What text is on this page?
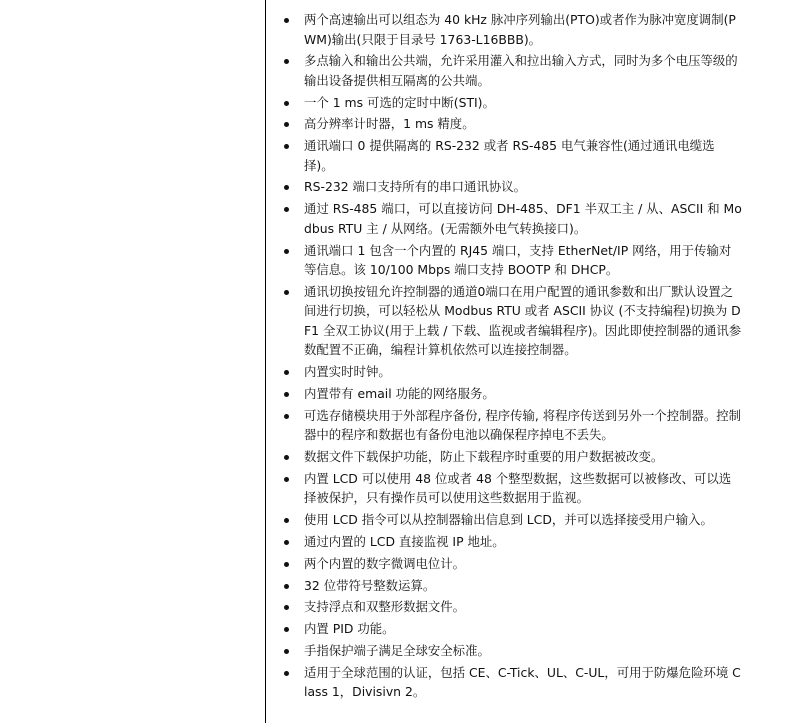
两个高速输出可以组态为 40 kHz 脉冲序列输出(PTO)或者作为脉冲宽度调制(PWM)输出(只限于目录号 1763-L16BBB)。
多点输入和输出公共端，允许采用灌入和拉出输入方式，同时为多个电压等级的输出设备提供相互隔离的公共端。
一个 1 ms 可选的定时中断(STI)。
高分辨率计时器，1 ms 精度。
通讯端口 0 提供隔离的 RS-232 或者 RS-485 电气兼容性(通过通讯电缆选择)。
RS-232 端口支持所有的串口通讯协议。
通过 RS-485 端口，可以直接访问 DH-485、DF1 半双工主 / 从、ASCII 和 Modbus RTU 主 / 从网络。(无需额外电气转换接口)。
通讯端口 1 包含一个内置的 RJ45 端口，支持 EtherNet/IP 网络，用于传输对等信息。该 10/100 Mbps 端口支持 BOOTP 和 DHCP。
通讯切换按钮允许控制器的通道0端口在用户配置的通讯参数和出厂默认设置之间进行切换，可以轻松从 Modbus RTU 或者 ASCII 协议 (不支持编程)切换为 DF1 全双工协议(用于上载 / 下载、监视或者编辑程序)。因此即使控制器的通讯参数配置不正确，编程计算机依然可以连接控制器。
内置实时时钟。
内置带有 email 功能的网络服务。
可选存储模块用于外部程序备份, 程序传输, 将程序传送到另外一个控制器。控制器中的程序和数据也有备份电池以确保程序掉电不丢失。
数据文件下载保护功能，防止下载程序时重要的用户数据被改变。
内置 LCD 可以使用 48 位或者 48 个整型数据，这些数据可以被修改、可以选择被保护，只有操作员可以使用这些数据用于监视。
使用 LCD 指令可以从控制器输出信息到 LCD，并可以选择接受用户输入。
通过内置的 LCD 直接监视 IP 地址。
两个内置的数字微调电位计。
32 位带符号整数运算。
支持浮点和双整形数据文件。
内置 PID 功能。
手指保护端子满足全球安全标准。
适用于全球范围的认证，包括 CE、C-Tick、UL、C-UL，可用于防爆危险环境 Class 1，Divisivn 2。
